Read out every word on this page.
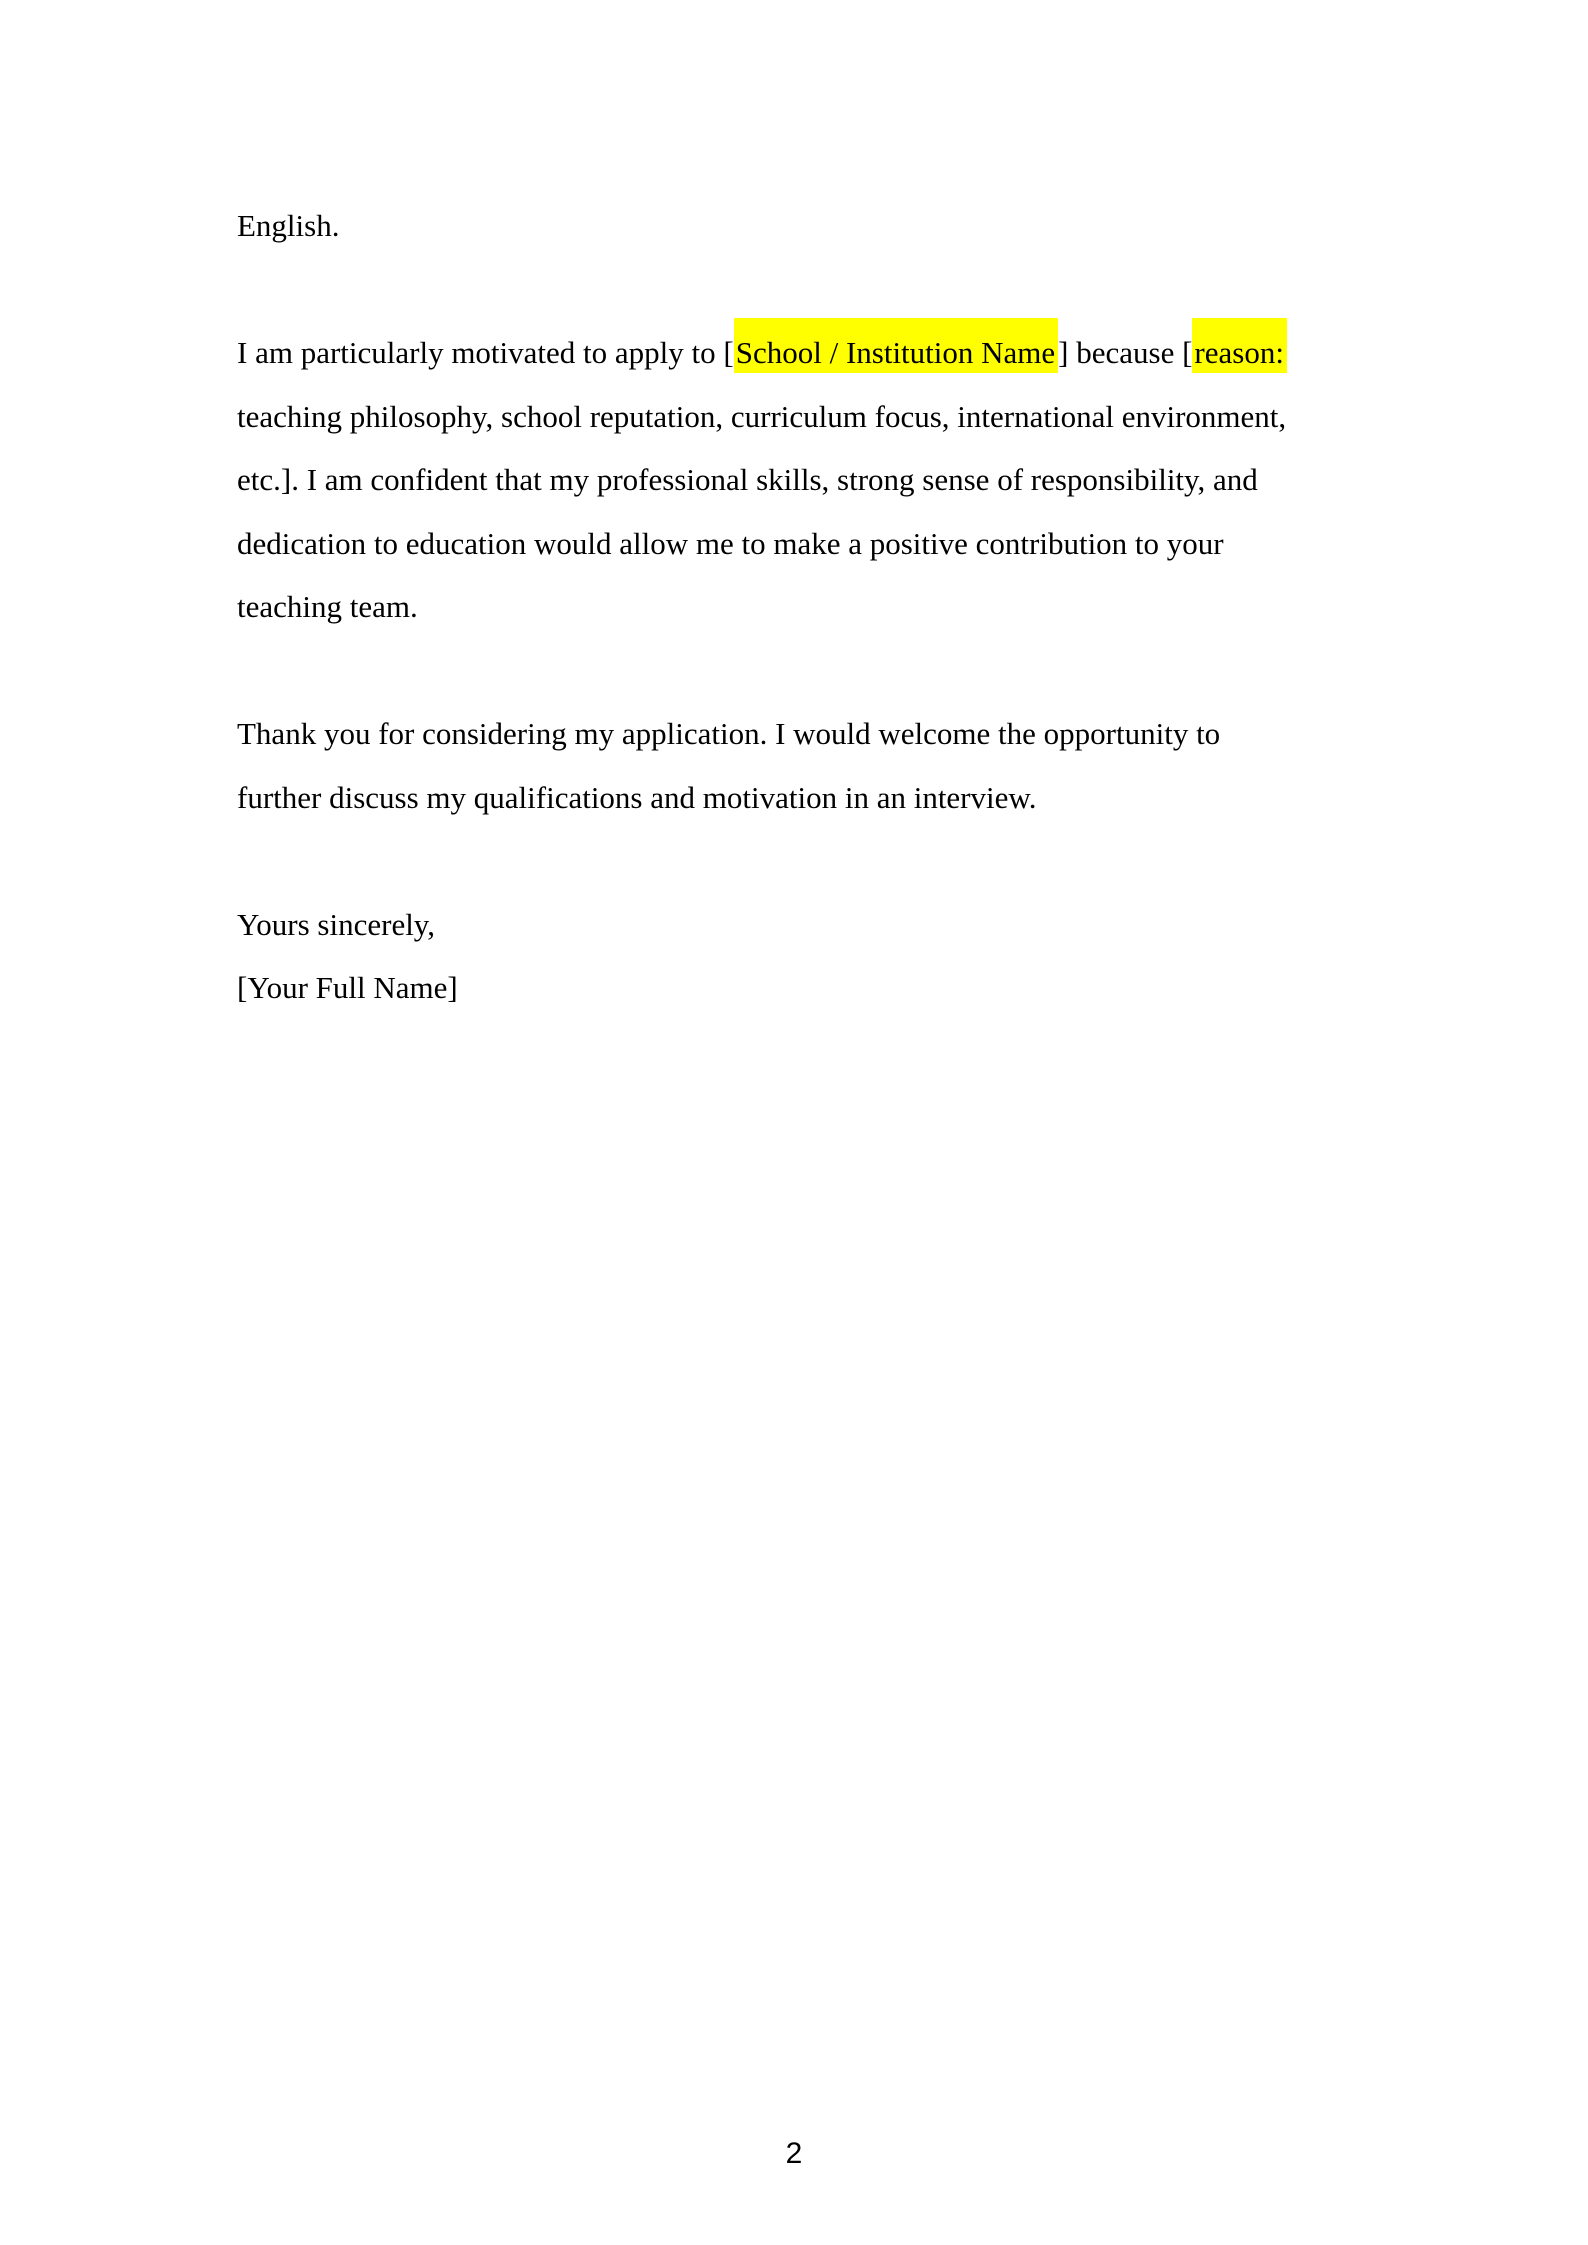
English.
I am particularly motivated to apply to [School / Institution Name] because [reason:
teaching philosophy, school reputation, curriculum focus, international environment,
etc.]. I am confident that my professional skills, strong sense of responsibility, and
dedication to education would allow me to make a positive contribution to your
teaching team.
Thank you for considering my application. I would welcome the opportunity to
further discuss my qualifications and motivation in an interview.
Yours sincerely,
[Your Full Name]
2
